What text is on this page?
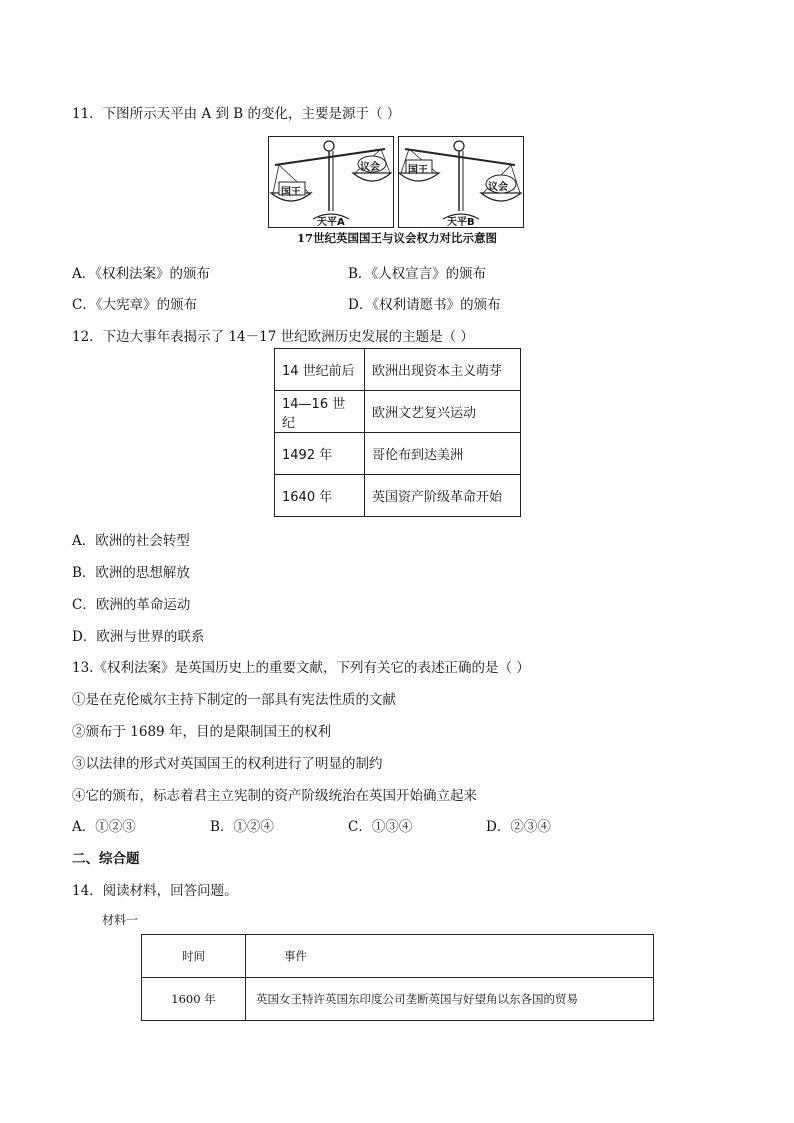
11．下图所示天平由 A 到 B 的变化，主要是源于（ ）
国王
议会
天平A
国王
议会
天平B
17世纪英国国王与议会权力对比示意图
A．《权利法案》的颁布	B．《人权宣言》的颁布
C．《大宪章》的颁布	D．《权利请愿书》的颁布
12．下边大事年表揭示了 14－17 世纪欧洲历史发展的主题是（ ）
14 世纪前后	欧洲出现资本主义萌芽
14—16 世纪	欧洲文艺复兴运动
1492 年	哥伦布到达美洲
1640 年	英国资产阶级革命开始
A．欧洲的社会转型
B．欧洲的思想解放
C．欧洲的革命运动
D．欧洲与世界的联系
13.《权利法案》是英国历史上的重要文献，下列有关它的表述正确的是（ ）
①是在克伦威尔主持下制定的一部具有宪法性质的文献
②颁布于 1689 年，目的是限制国王的权利
③以法律的形式对英国国王的权利进行了明显的制约
④它的颁布，标志着君主立宪制的资产阶级统治在英国开始确立起来
A．①②③	B．①②④	C．①③④	D．②③④
二、综合题
14．阅读材料，回答问题。
材料一
时间	事件
1600 年	英国女王特许英国东印度公司垄断英国与好望角以东各国的贸易
